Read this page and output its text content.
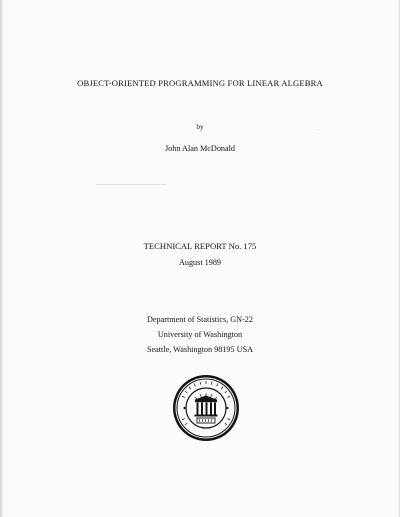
OBJECT-ORIENTED PROGRAMMING FOR LINEAR ALGEBRA
by
John Alan McDonald
TECHNICAL REPORT No. 175
August 1989
Department of Statistics, GN-22
University of Washington
Seattle, Washington 98195 USA
